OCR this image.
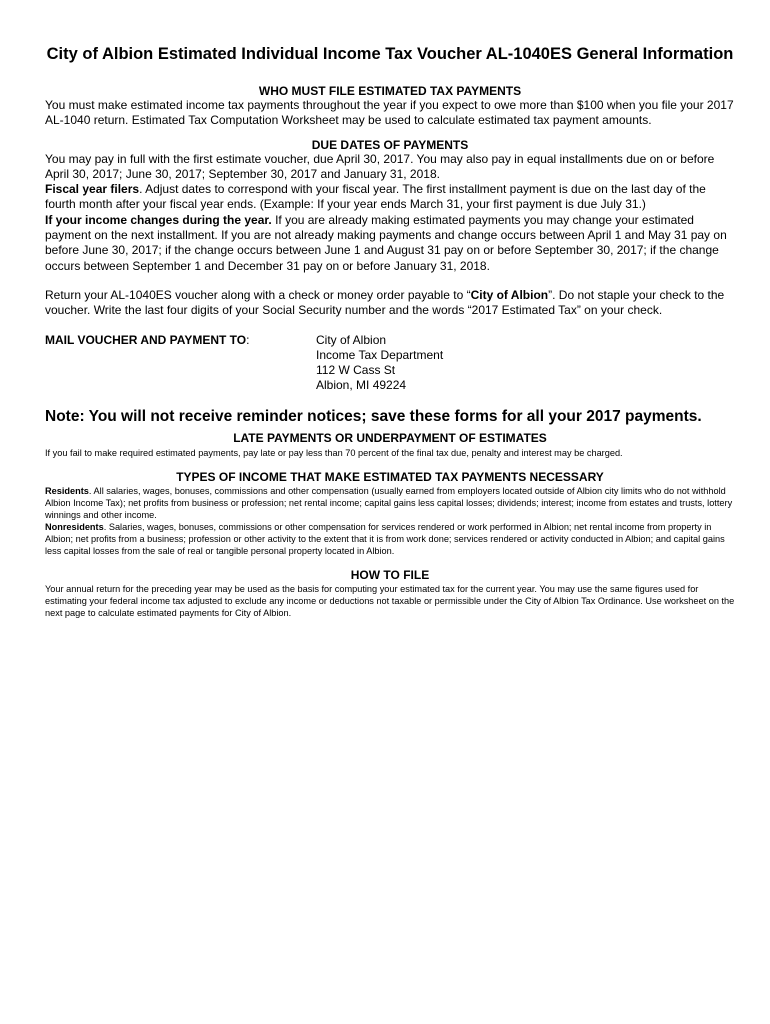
City of Albion Estimated Individual Income Tax Voucher AL-1040ES General Information
WHO MUST FILE ESTIMATED TAX PAYMENTS

You must make estimated income tax payments throughout the year if you expect to owe more than $100 when you file your 2017 AL-1040 return. Estimated Tax Computation Worksheet may be used to calculate estimated tax payment amounts.

DUE DATES OF PAYMENTS

You may pay in full with the first estimate voucher, due April 30, 2017. You may also pay in equal installments due on or before April 30, 2017; June 30, 2017; September 30, 2017 and January 31, 2018.

Fiscal year filers. Adjust dates to correspond with your fiscal year. The first installment payment is due on the last day of the fourth month after your fiscal year ends. (Example: If your year ends March 31, your first payment is due July 31.)

If your income changes during the year. If you are already making estimated payments you may change your estimated payment on the next installment. If you are not already making payments and change occurs between April 1 and May 31 pay on before June 30, 2017; if the change occurs between June 1 and August 31 pay on or before September 30, 2017; if the change occurs between September 1 and December 31 pay on or before January 31, 2018.

Return your AL-1040ES voucher along with a check or money order payable to “City of Albion”. Do not staple your check to the voucher. Write the last four digits of your Social Security number and the words “2017 Estimated Tax” on your check.

MAIL VOUCHER AND PAYMENT TO:	City of Albion
Income Tax Department
112 W Cass St
Albion, MI 49224

Note: You will not receive reminder notices; save these forms for all your 2017 payments.

LATE PAYMENTS OR UNDERPAYMENT OF ESTIMATES

If you fail to make required estimated payments, pay late or pay less than 70 percent of the final tax due, penalty and interest may be charged.

TYPES OF INCOME THAT MAKE ESTIMATED TAX PAYMENTS NECESSARY

Residents. All salaries, wages, bonuses, commissions and other compensation (usually earned from employers located outside of Albion city limits who do not withhold Albion Income Tax); net profits from business or profession; net rental income; capital gains less capital losses; dividends; interest; income from estates and trusts, lottery winnings and other income.

Nonresidents. Salaries, wages, bonuses, commissions or other compensation for services rendered or work performed in Albion; net rental income from property in Albion; net profits from a business; profession or other activity to the extent that it is from work done; services rendered or activity conducted in Albion; and capital gains less capital losses from the sale of real or tangible personal property located in Albion.

HOW TO FILE

Your annual return for the preceding year may be used as the basis for computing your estimated tax for the current year. You may use the same figures used for estimating your federal income tax adjusted to exclude any income or deductions not taxable or permissible under the City of Albion Tax Ordinance. Use worksheet on the next page to calculate estimated payments for City of Albion.
